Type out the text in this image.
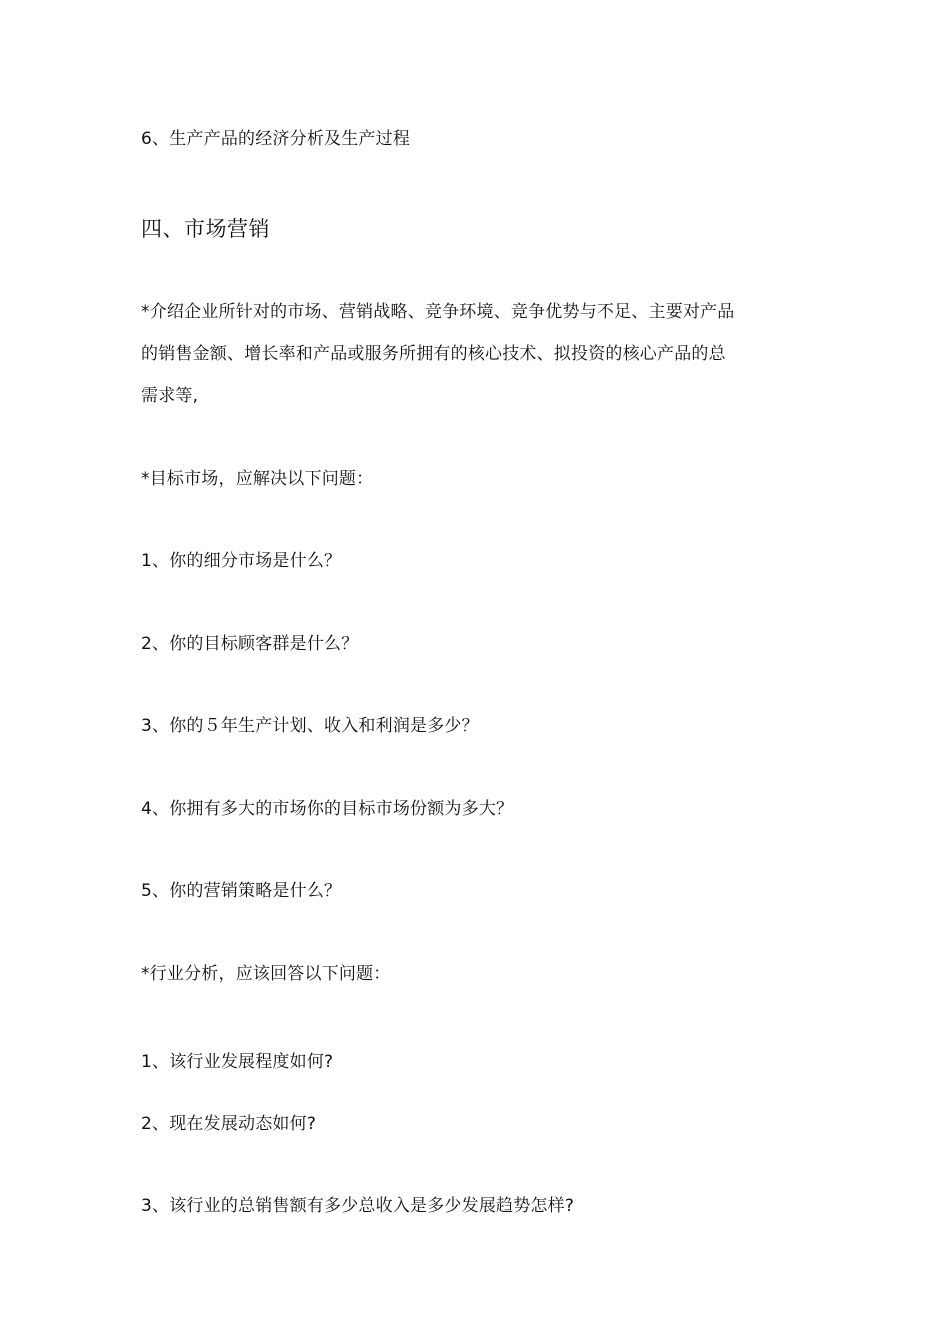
6、生产产品的经济分析及生产过程
四、市场营销
*介绍企业所针对的市场、营销战略、竞争环境、竞争优势与不足、主要对产品
的销售金额、增长率和产品或服务所拥有的核心技术、拟投资的核心产品的总
需求等,
*目标市场，应解决以下问题：
1、你的细分市场是什么？
2、你的目标顾客群是什么？
3、你的５年生产计划、收入和利润是多少？
4、你拥有多大的市场你的目标市场份额为多大？
5、你的营销策略是什么？
*行业分析，应该回答以下问题：
1、该行业发展程度如何?
2、现在发展动态如何?
3、该行业的总销售额有多少总收入是多少发展趋势怎样?
